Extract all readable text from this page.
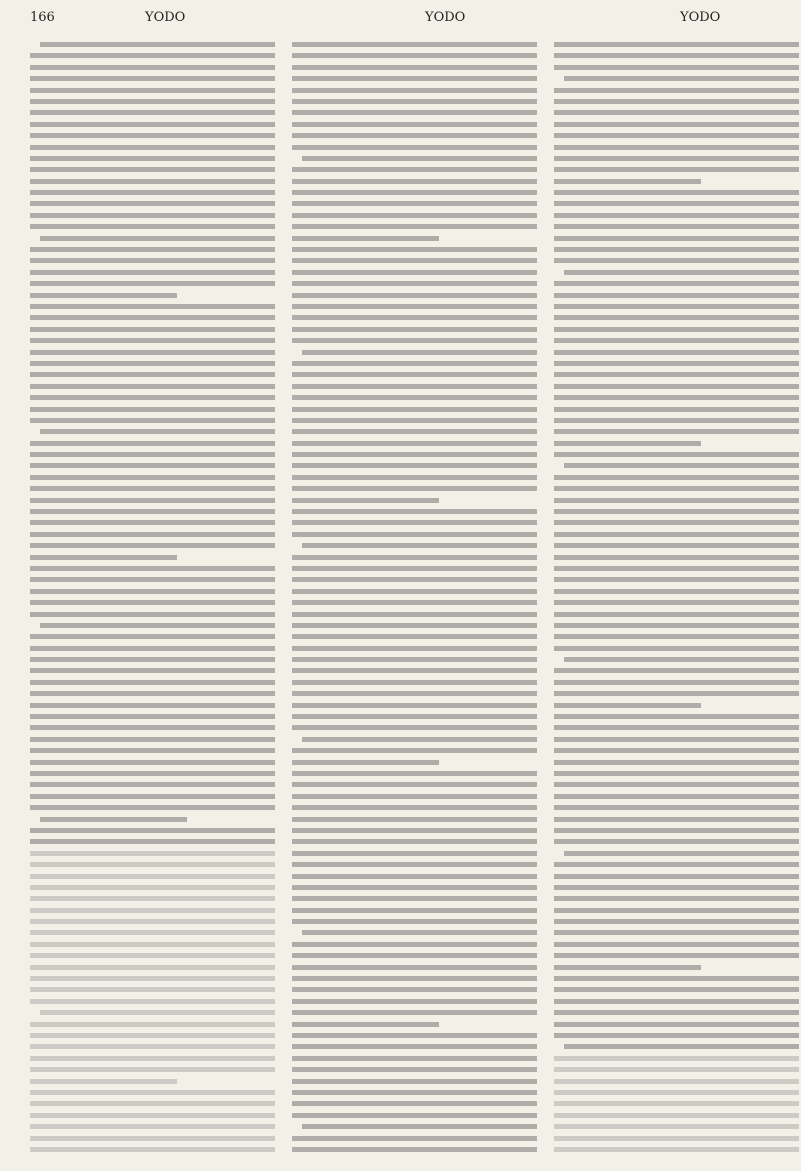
166	YODO	YODO	YODO
